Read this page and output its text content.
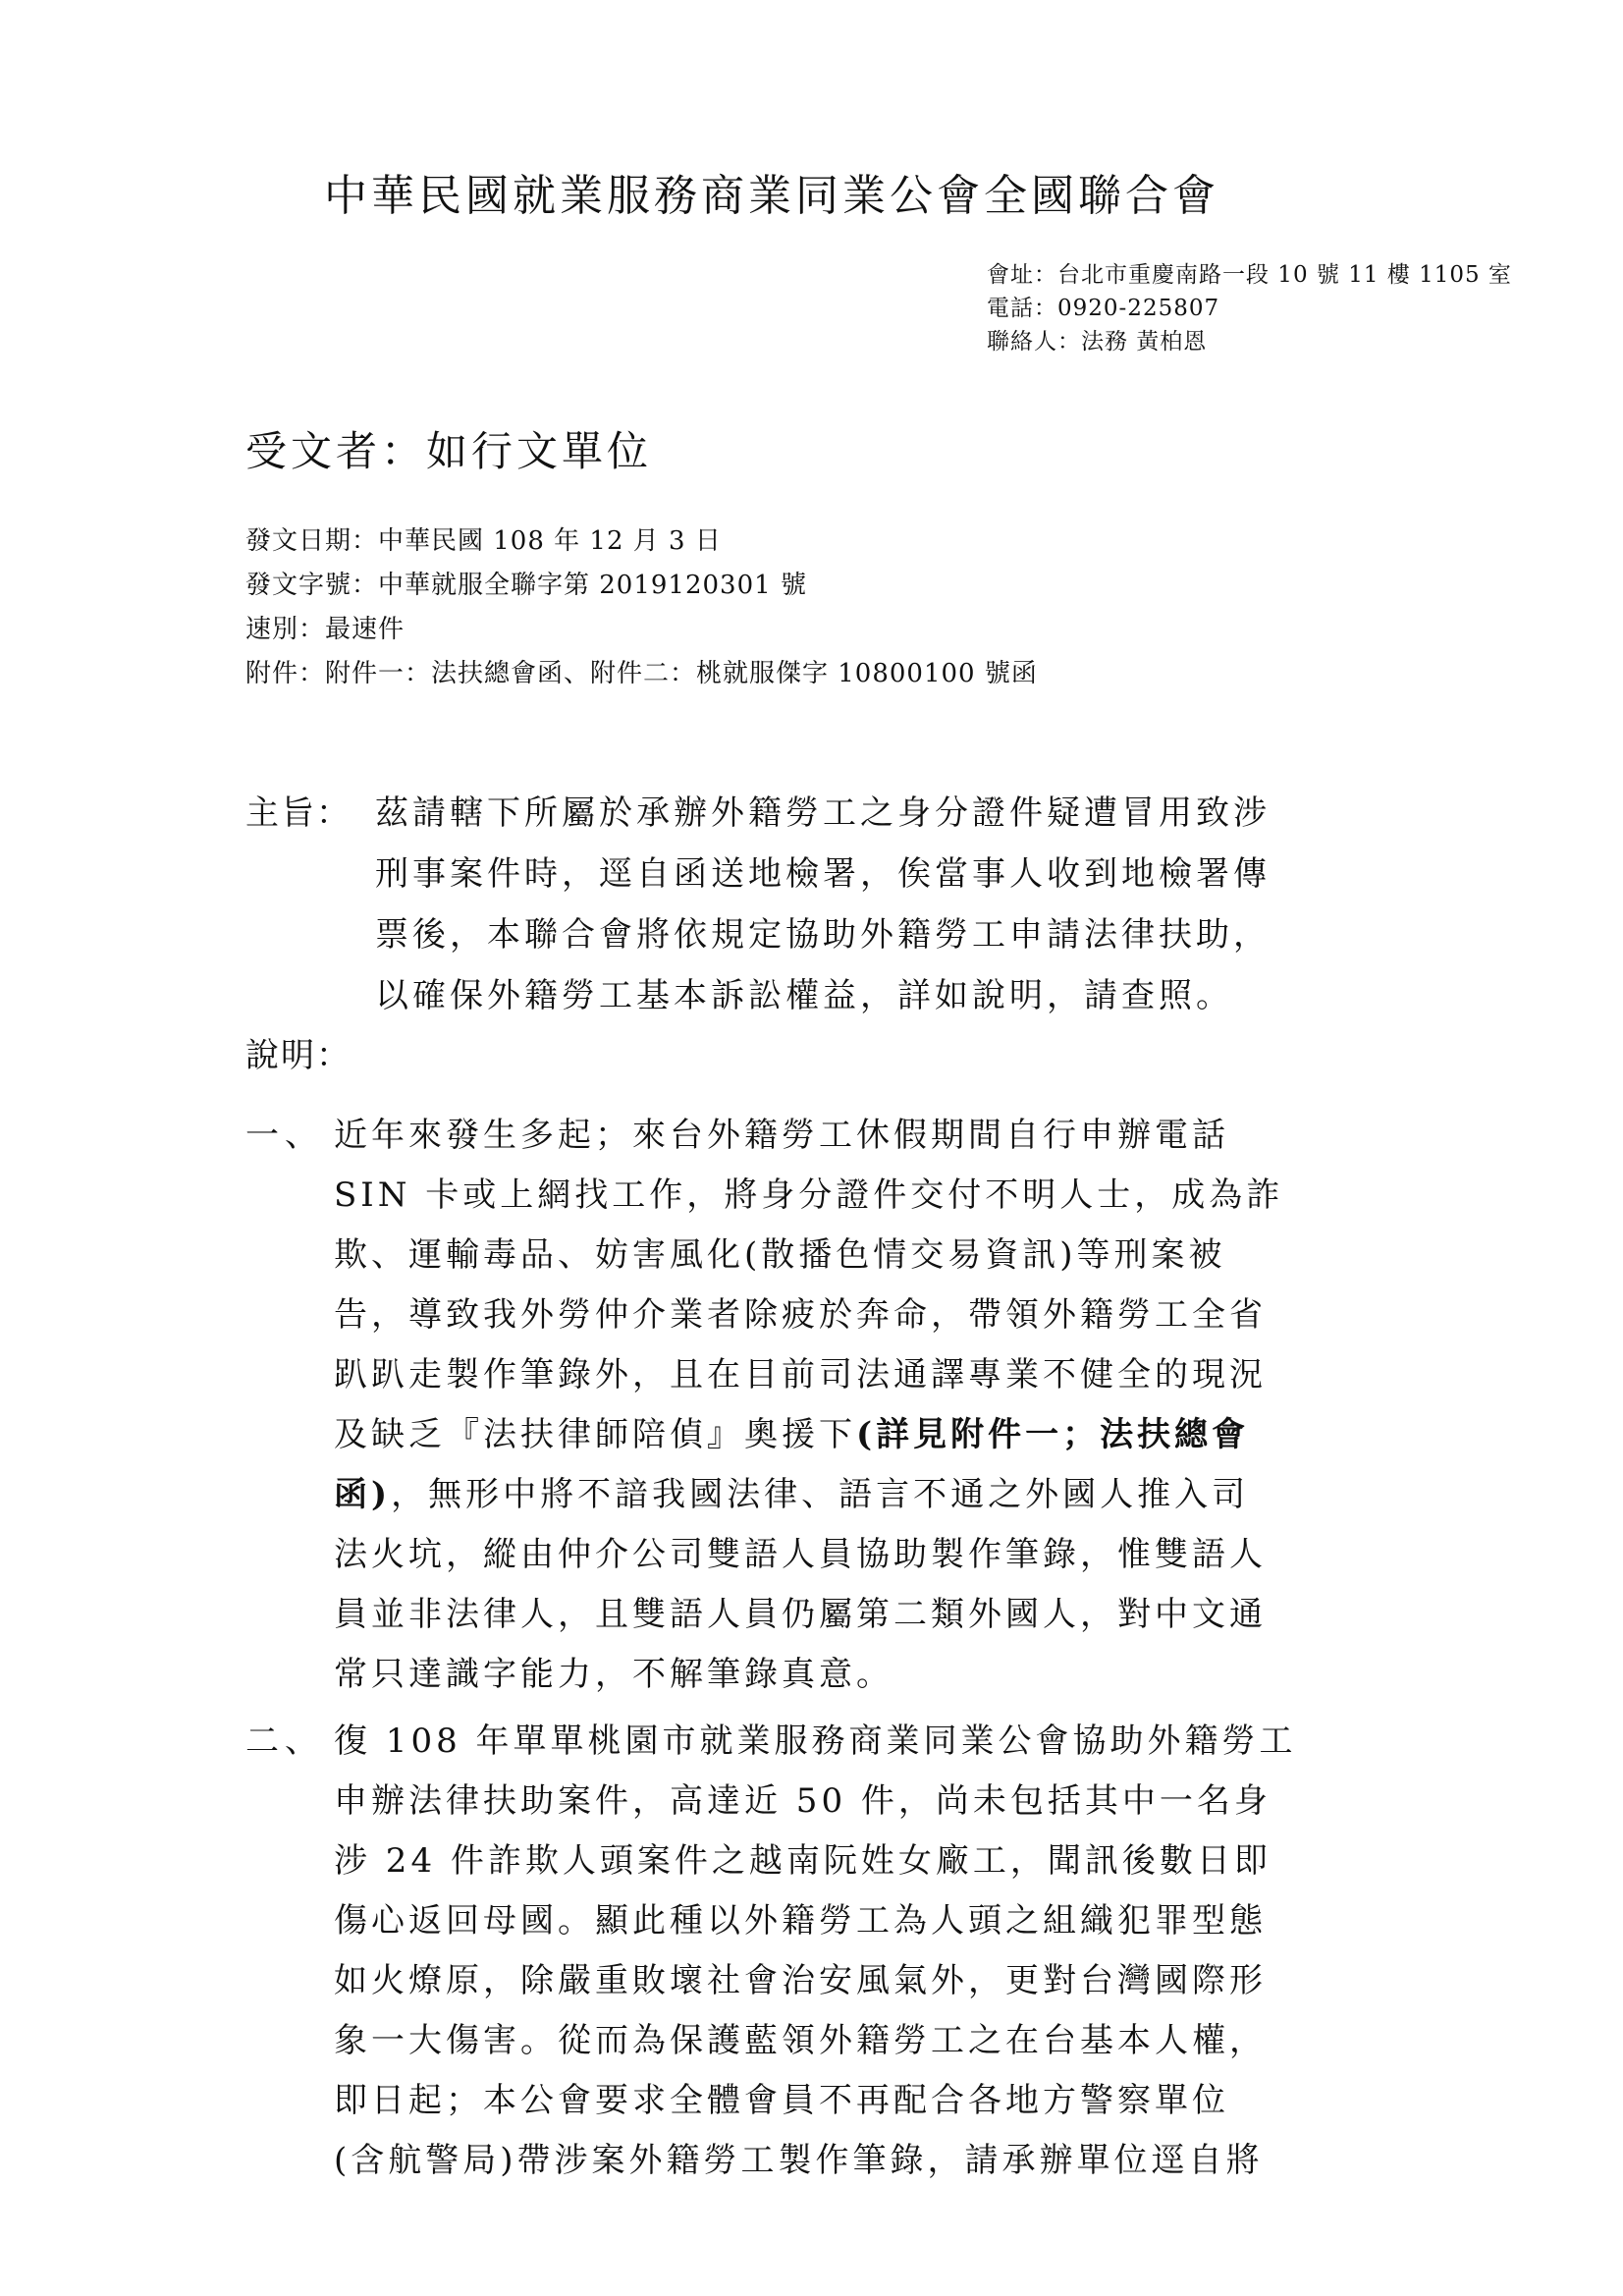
中華民國就業服務商業同業公會全國聯合會
會址：台北市重慶南路一段 10 號 11 樓 1105 室
電話：0920-225807
聯絡人：法務 黃柏恩
受文者：如行文單位
發文日期：中華民國 108 年 12 月 3 日
發文字號：中華就服全聯字第 2019120301 號
速別：最速件
附件：附件一：法扶總會函、附件二：桃就服傑字 10800100 號函
主旨： 茲請轄下所屬於承辦外籍勞工之身分證件疑遭冒用致涉
刑事案件時，逕自函送地檢署，俟當事人收到地檢署傳
票後，本聯合會將依規定協助外籍勞工申請法律扶助，
以確保外籍勞工基本訴訟權益，詳如說明，請查照。
說明：
一、 近年來發生多起；來台外籍勞工休假期間自行申辦電話
SIN 卡或上網找工作，將身分證件交付不明人士，成為詐
欺、運輸毒品、妨害風化(散播色情交易資訊)等刑案被
告，導致我外勞仲介業者除疲於奔命，帶領外籍勞工全省
趴趴走製作筆錄外，且在目前司法通譯專業不健全的現況
及缺乏『法扶律師陪偵』奧援下(詳見附件一；法扶總會
函)，無形中將不諳我國法律、語言不通之外國人推入司
法火坑，縱由仲介公司雙語人員協助製作筆錄，惟雙語人
員並非法律人，且雙語人員仍屬第二類外國人，對中文通
常只達識字能力，不解筆錄真意。
二、 復 108 年單單桃園市就業服務商業同業公會協助外籍勞工
申辦法律扶助案件，高達近 50 件，尚未包括其中一名身
涉 24 件詐欺人頭案件之越南阮姓女廠工，聞訊後數日即
傷心返回母國。顯此種以外籍勞工為人頭之組織犯罪型態
如火燎原，除嚴重敗壞社會治安風氣外，更對台灣國際形
象一大傷害。從而為保護藍領外籍勞工之在台基本人權，
即日起；本公會要求全體會員不再配合各地方警察單位
(含航警局)帶涉案外籍勞工製作筆錄，請承辦單位逕自將
